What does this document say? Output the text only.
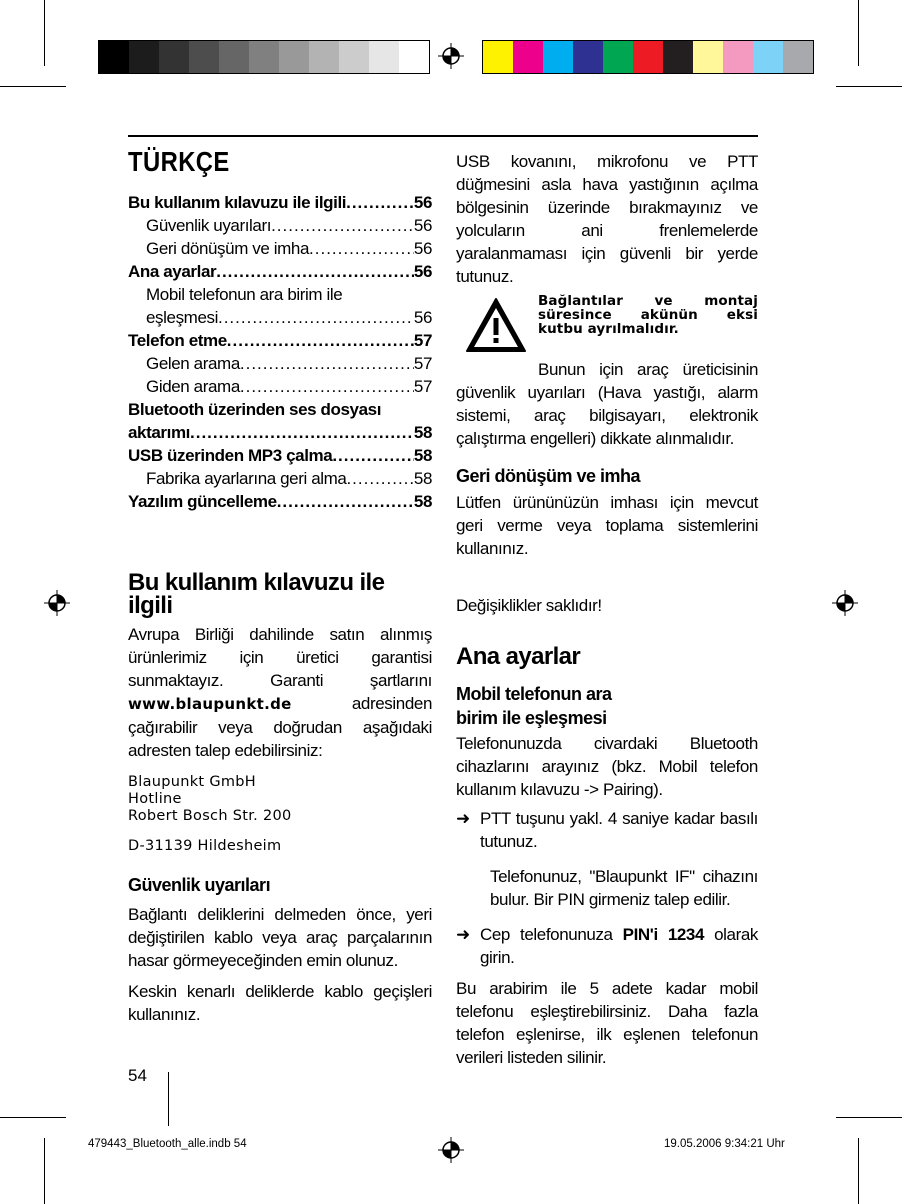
TÜRKÇE
Bu kullanım kılavuzu ile ilgili .....	56
Güvenlik uyarıları .....	56
Geri dönüşüm ve imha .....	56
Ana ayarlar .....	56
Mobil telefonun ara birim ile
eşleşmesi .....	56
Telefon etme .....	57
Gelen arama .....	57
Giden arama .....	57
Bluetooth üzerinden ses dosyası
aktarımı .....	58
USB üzerinden MP3 çalma .....	58
Fabrika ayarlarına geri alma .....	58
Yazılım güncelleme .....	58
Bu kullanım kılavuzu ile ilgili

Avrupa Birliği dahilinde satın alınmış ürünlerimiz için üretici garantisi sunmaktayız. Garanti şartlarını www.blaupunkt.de	adresinden çağırabilir veya doğrudan aşağıdaki adresten talep edebilirsiniz:

Blaupunkt GmbH
Hotline
Robert Bosch Str. 200
D-31139 Hildesheim
Güvenlik uyarıları

Bağlantı deliklerini delmeden önce, yeri değiştirilen kablo veya araç parçalarının hasar görmeyeceğinden emin olunuz.

Keskin kenarlı deliklerde kablo geçişleri kullanınız.

USB kovanını, mikrofonu ve PTT düğmesini asla hava yastığının açılma bölgesinin üzerinde bırakmayınız ve yolcuların ani frenlemelerde yaralanmaması için güvenli bir yerde tutunuz.

Bağlantılar ve montaj süresince akünün eksi kutbu ayrılmalıdır.

Bunun için araç üreticisinin güvenlik uyarıları (Hava yastığı, alarm sistemi, araç bilgisayarı, elektronik çalıştırma engelleri) dikkate alınmalıdır.

Geri dönüşüm ve imha

Lütfen ürününüzün imhası için mevcut geri verme veya toplama sistemlerini kullanınız.

Değişiklikler saklıdır!

Ana ayarlar
Mobil telefonun ara
birim ile eşleşmesi

Telefonunuzda civardaki Bluetooth cihazlarını arayınız (bkz. Mobil telefon kullanım kılavuzu -> Pairing).

➜ PTT tuşunu yakl. 4 saniye kadar basılı tutunuz.

Telefonunuz, "Blaupunkt IF" cihazını bulur. Bir PIN girmeniz talep edilir.

➜ Cep telefonunuza PIN'i 1234 olarak girin.

Bu arabirim ile 5 adete kadar mobil telefonu eşleştirebilirsiniz. Daha fazla telefon eşlenirse, ilk eşlenen telefonun verileri listeden silinir.

54
479443_Bluetooth_alle.indb 54	19.05.2006 9:34:21 Uhr
